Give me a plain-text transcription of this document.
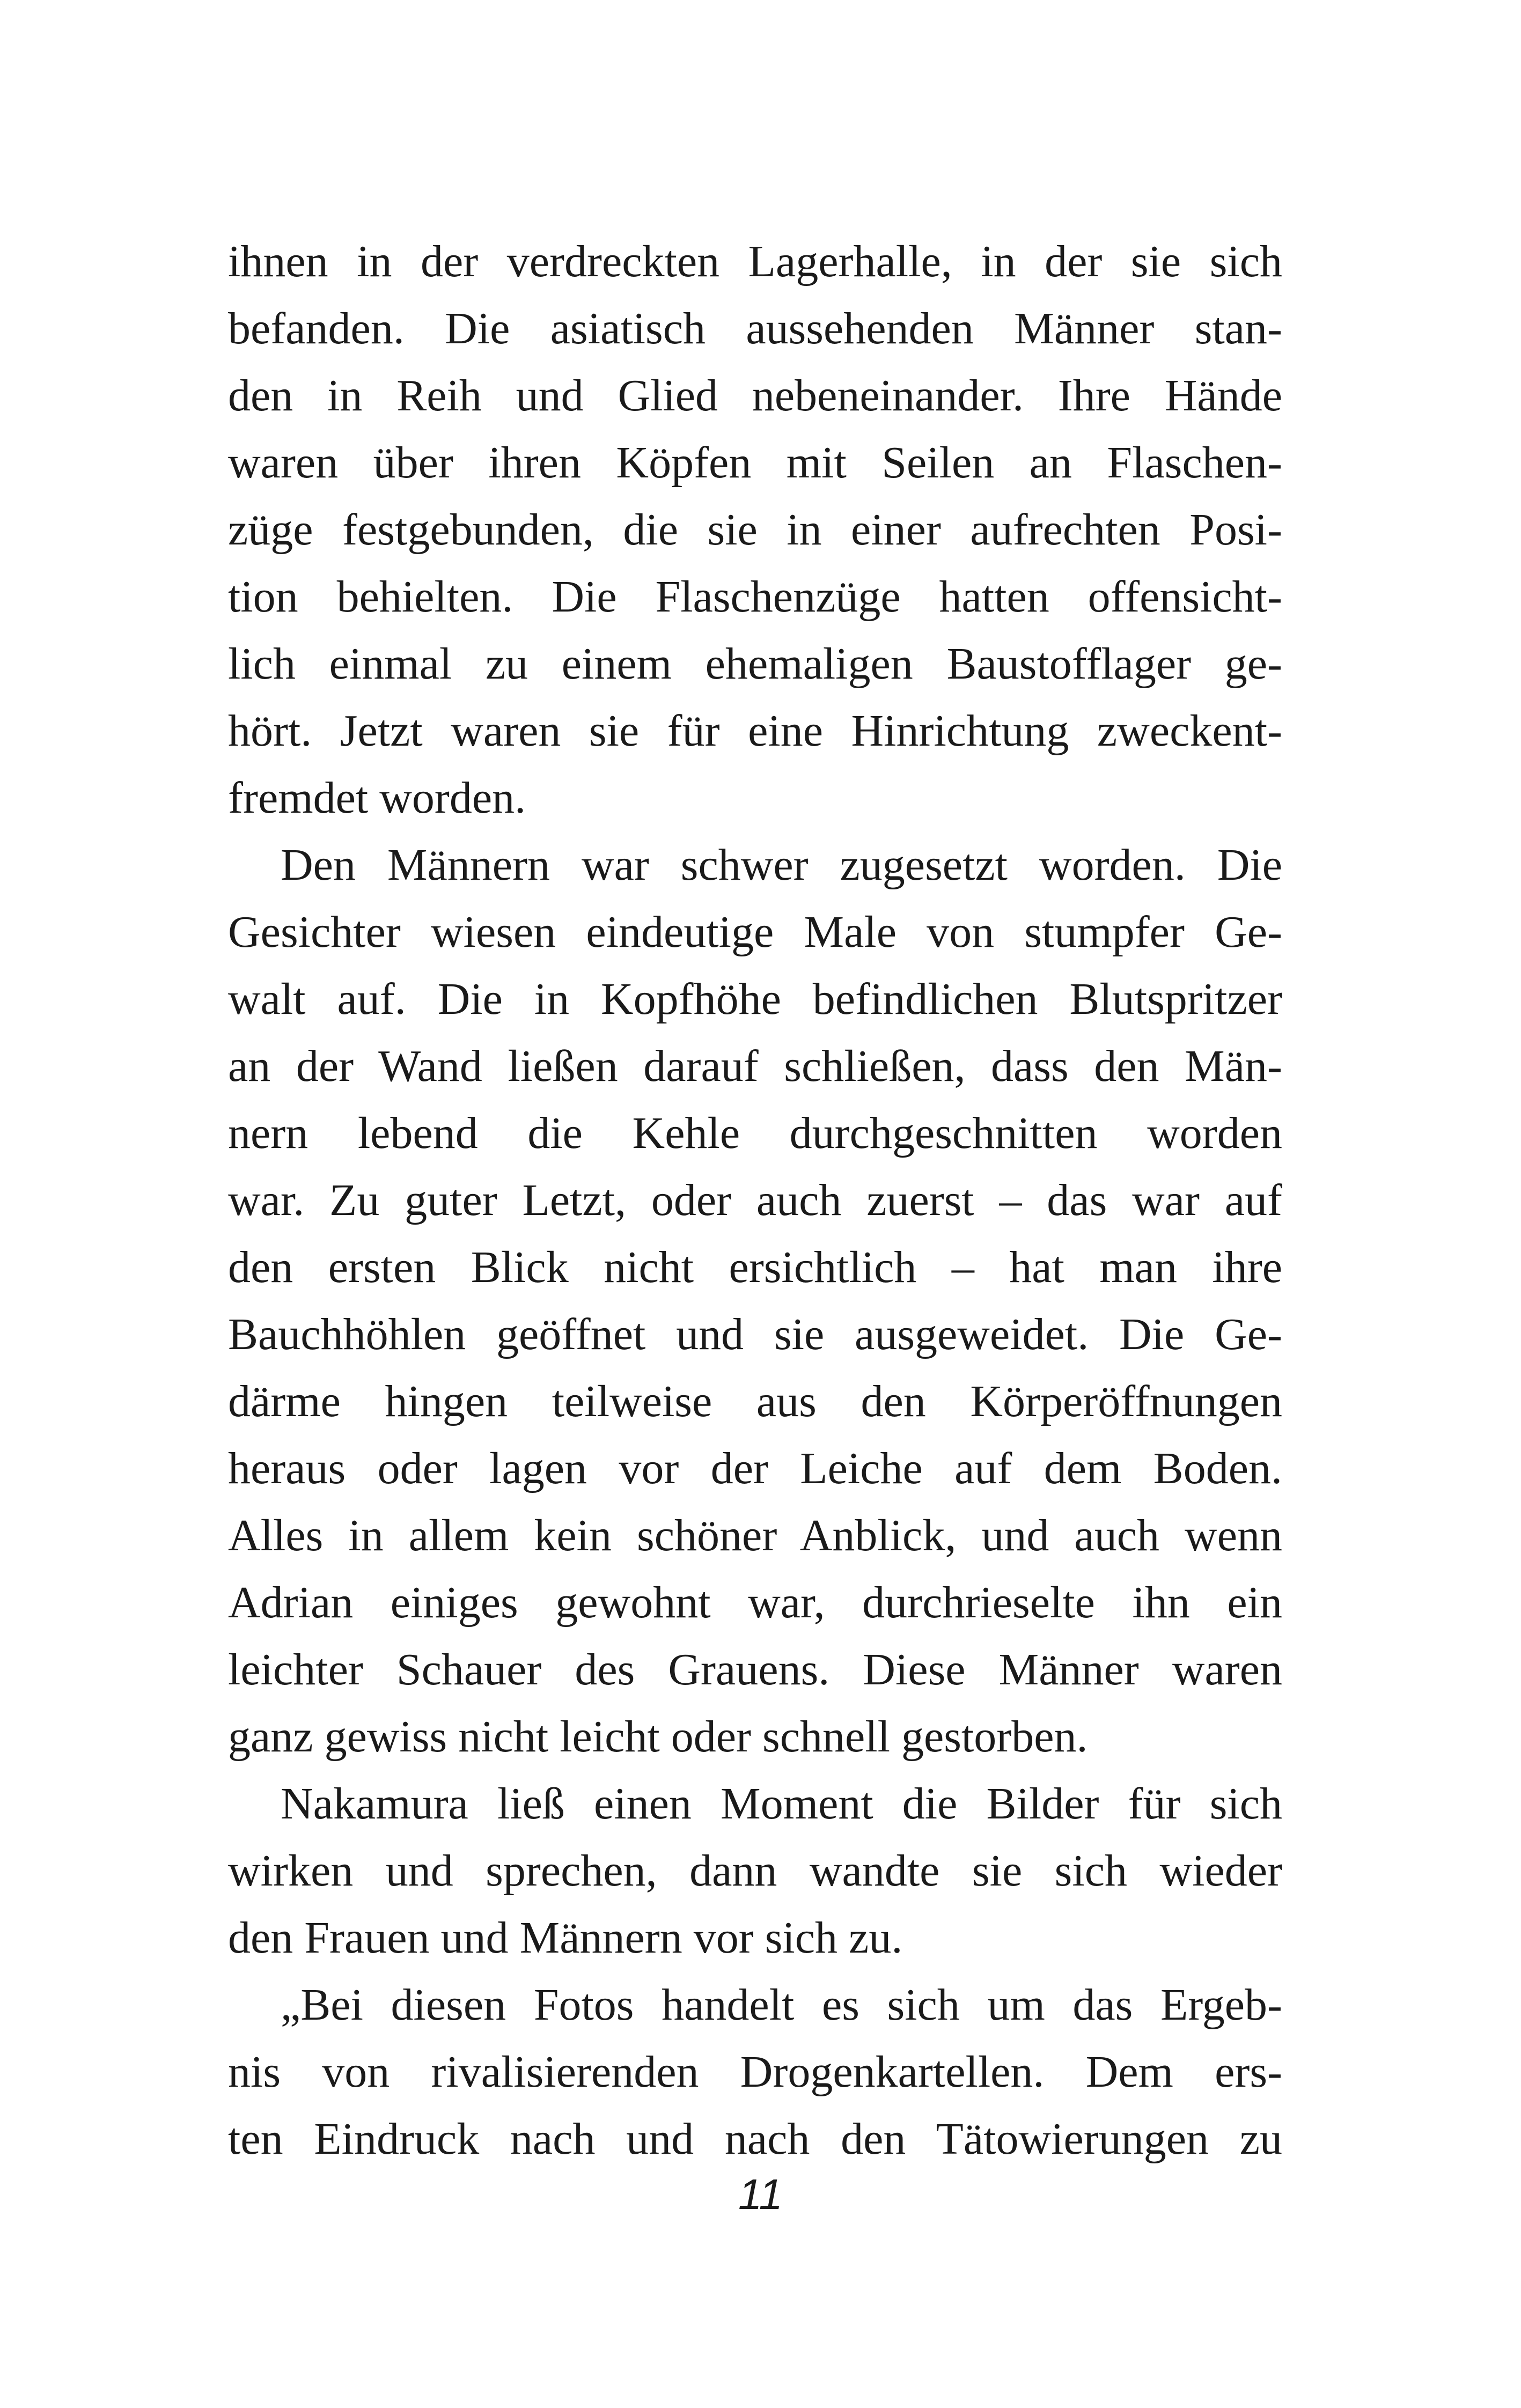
ihnen in der verdreckten Lagerhalle, in der sie sich
befanden. Die asiatisch aussehenden Männer stan-
den in Reih und Glied nebeneinander. Ihre Hände
waren über ihren Köpfen mit Seilen an Flaschen-
züge festgebunden, die sie in einer aufrechten Posi-
tion behielten. Die Flaschenzüge hatten offensicht-
lich einmal zu einem ehemaligen Baustofflager ge-
hört. Jetzt waren sie für eine Hinrichtung zweckent-
fremdet worden.
Den Männern war schwer zugesetzt worden. Die
Gesichter wiesen eindeutige Male von stumpfer Ge-
walt auf. Die in Kopfhöhe befindlichen Blutspritzer
an der Wand ließen darauf schließen, dass den Män-
nern lebend die Kehle durchgeschnitten worden
war. Zu guter Letzt, oder auch zuerst – das war auf
den ersten Blick nicht ersichtlich – hat man ihre
Bauchhöhlen geöffnet und sie ausgeweidet. Die Ge-
därme hingen teilweise aus den Körperöffnungen
heraus oder lagen vor der Leiche auf dem Boden.
Alles in allem kein schöner Anblick, und auch wenn
Adrian einiges gewohnt war, durchrieselte ihn ein
leichter Schauer des Grauens. Diese Männer waren
ganz gewiss nicht leicht oder schnell gestorben.
Nakamura ließ einen Moment die Bilder für sich
wirken und sprechen, dann wandte sie sich wieder
den Frauen und Männern vor sich zu.
„Bei diesen Fotos handelt es sich um das Ergeb-
nis von rivalisierenden Drogenkartellen. Dem ers-
ten Eindruck nach und nach den Tätowierungen zu
11
